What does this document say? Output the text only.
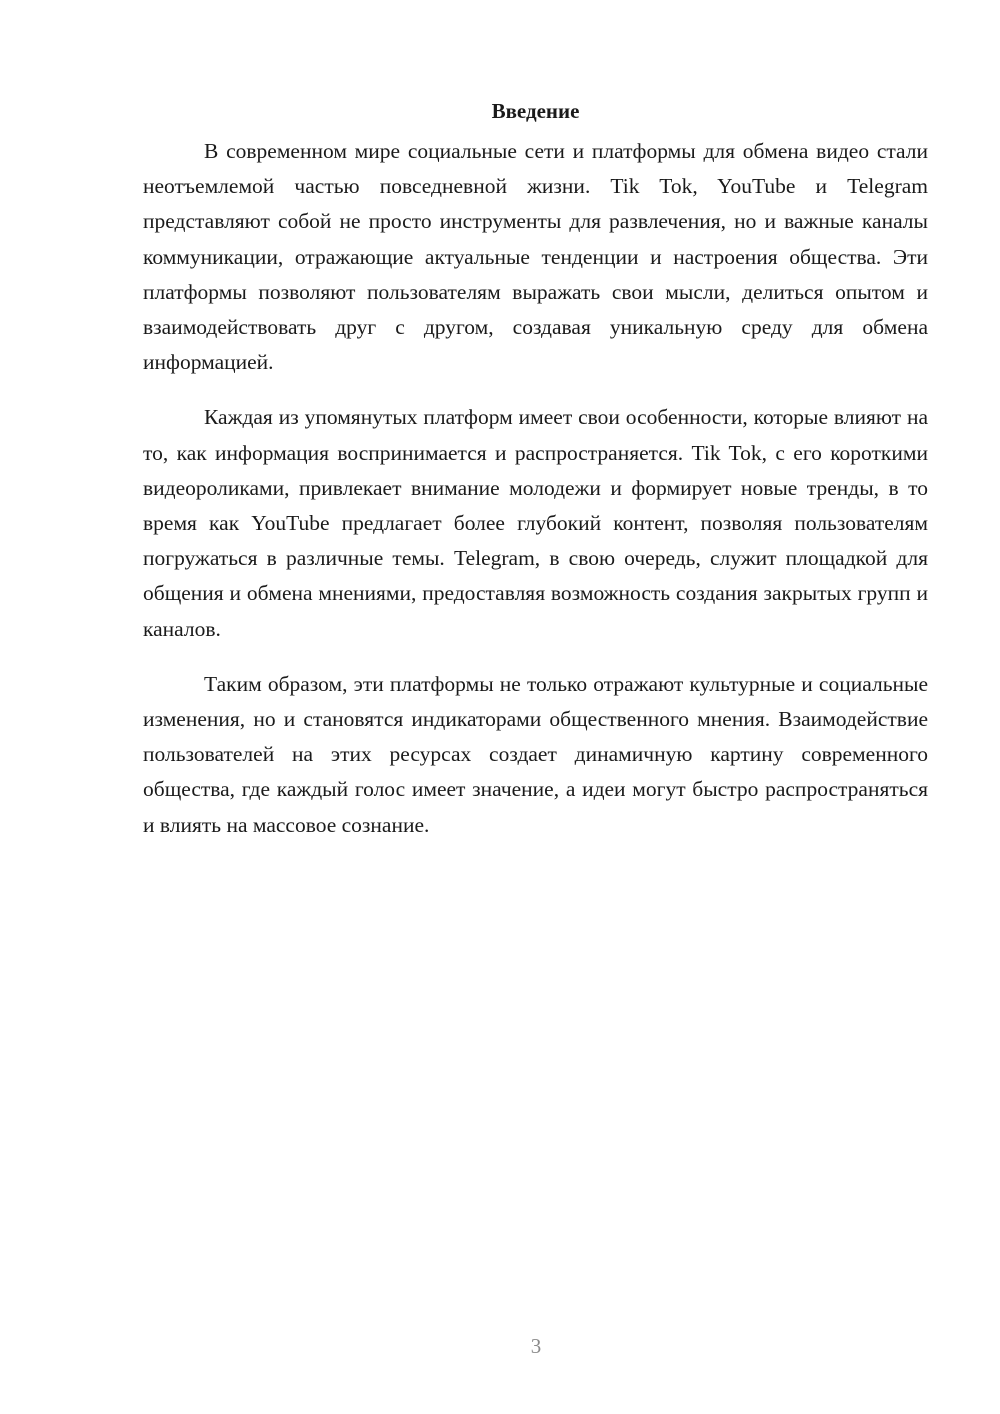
Введение

В современном мире социальные сети и платформы для обмена видео стали неотъемлемой частью повседневной жизни. Tik Tok, YouTube и Telegram представляют собой не просто инструменты для развлечения, но и важные каналы коммуникации, отражающие актуальные тенденции и настроения общества. Эти платформы позволяют пользователям выражать свои мысли, делиться опытом и взаимодействовать друг с другом, создавая уникальную среду для обмена информацией.

Каждая из упомянутых платформ имеет свои особенности, которые влияют на то, как информация воспринимается и распространяется. Tik Tok, с его короткими видеороликами, привлекает внимание молодежи и формирует новые тренды, в то время как YouTube предлагает более глубокий контент, позволяя пользователям погружаться в различные темы. Telegram, в свою очередь, служит площадкой для общения и обмена мнениями, предоставляя возможность создания закрытых групп и каналов.

Таким образом, эти платформы не только отражают культурные и социальные изменения, но и становятся индикаторами общественного мнения. Взаимодействие пользователей на этих ресурсах создает динамичную картину современного общества, где каждый голос имеет значение, а идеи могут быстро распространяться и влиять на массовое сознание.

3
